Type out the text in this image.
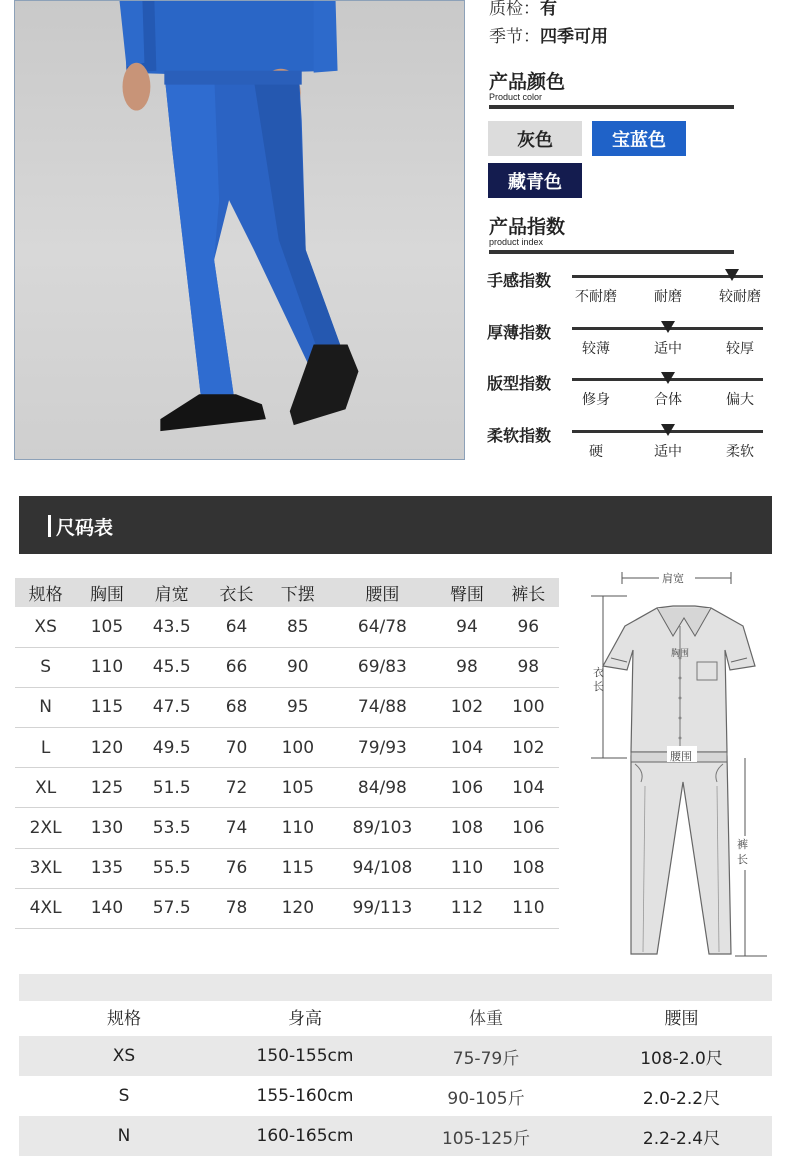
质检：有
季节：四季可用
产品颜色
Product color
灰色	宝蓝色
藏青色
产品指数
product index
手感指数
不耐磨	耐磨	较耐磨
厚薄指数
较薄	适中	较厚
版型指数
修身	合体	偏大
柔软指数
硬	适中	柔软
尺码表
规格	胸围	肩宽	衣长	下摆	腰围	臀围	裤长
XS	105	43.5	64	85	64/78	94	96
S	110	45.5	66	90	69/83	98	98
N	115	47.5	68	95	74/88	102	100
L	120	49.5	70	100	79/93	104	102
XL	125	51.5	72	105	84/98	106	104
2XL	130	53.5	74	110	89/103	108	106
3XL	135	55.5	76	115	94/108	110	108
4XL	140	57.5	78	120	99/113	112	110
肩宽
胸围
衣
长
腰围
裤
长
规格	身高	体重	腰围
XS	150-155cm	75-79斤	108-2.0尺
S	155-160cm	90-105斤	2.0-2.2尺
N	160-165cm	105-125斤	2.2-2.4尺
